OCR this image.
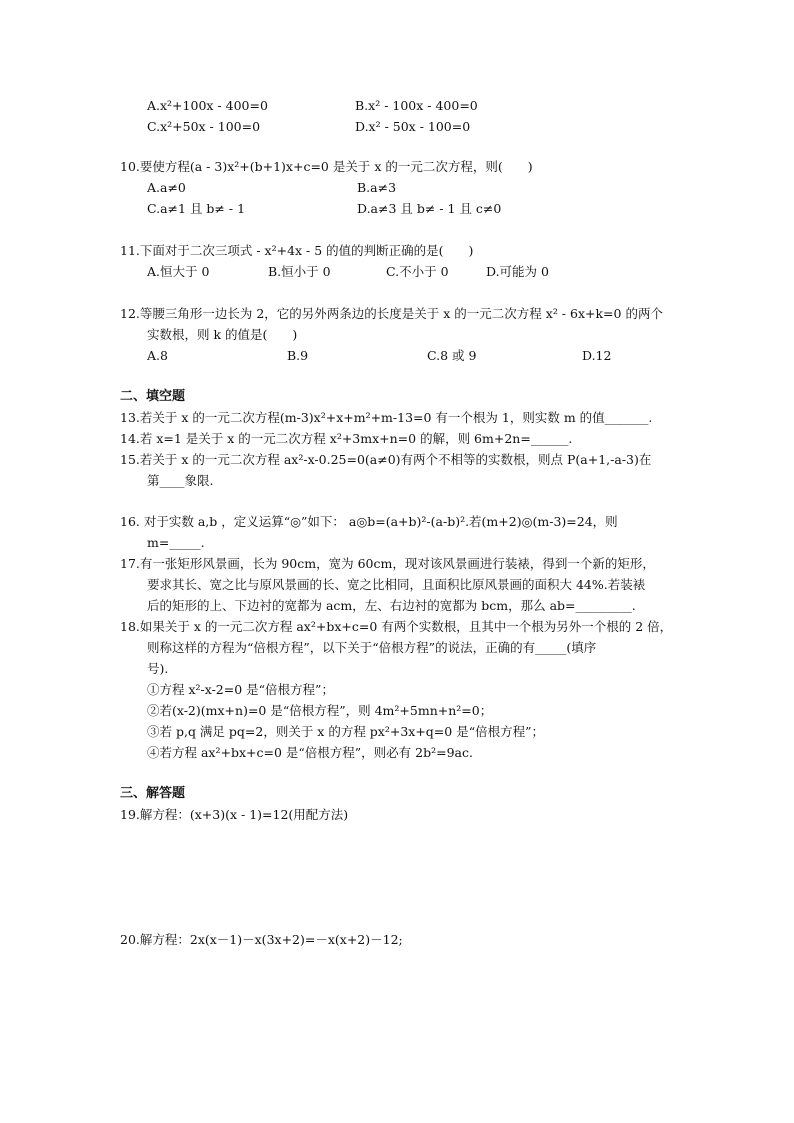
A.x²+100x - 400=0	B.x² - 100x - 400=0
C.x²+50x - 100=0	D.x² - 50x - 100=0
10.要使方程(a - 3)x²+(b+1)x+c=0 是关于 x 的一元二次方程，则(　　)
A.a≠0	B.a≠3
C.a≠1 且 b≠ - 1	D.a≠3 且 b≠ - 1 且 c≠0
11.下面对于二次三项式 - x²+4x - 5 的值的判断正确的是(　　)
A.恒大于 0	B.恒小于 0	C.不小于 0	D.可能为 0
12.等腰三角形一边长为 2，它的另外两条边的长度是关于 x 的一元二次方程 x² - 6x+k=0 的两个
实数根，则 k 的值是(　　)
A.8	B.9	C.8 或 9	D.12
二、填空题
13.若关于 x 的一元二次方程(m-3)x²+x+m²+m-13=0 有一个根为 1，则实数 m 的值_______.
14.若 x=1 是关于 x 的一元二次方程 x²+3mx+n=0 的解，则 6m+2n=______.
15.若关于 x 的一元二次方程 ax²-x-0.25=0(a≠0)有两个不相等的实数根，则点 P(a+1,-a-3)在
第____象限.
16. 对于实数 a,b ，定义运算“◎”如下： a◎b=(a+b)²-(a-b)².若(m+2)◎(m-3)=24，则
m=_____.
17.有一张矩形风景画，长为 90cm，宽为 60cm，现对该风景画进行装裱，得到一个新的矩形，
要求其长、宽之比与原风景画的长、宽之比相同，且面积比原风景画的面积大 44%.若装裱
后的矩形的上、下边衬的宽都为 acm，左、右边衬的宽都为 bcm，那么 ab=_________.
18.如果关于 x 的一元二次方程 ax²+bx+c=0 有两个实数根，且其中一个根为另外一个根的 2 倍，
则称这样的方程为“倍根方程”，以下关于“倍根方程”的说法，正确的有_____(填序
号).
①方程 x²-x-2=0 是“倍根方程”；
②若(x-2)(mx+n)=0 是“倍根方程”，则 4m²+5mn+n²=0；
③若 p,q 满足 pq=2，则关于 x 的方程 px²+3x+q=0 是“倍根方程”；
④若方程 ax²+bx+c=0 是“倍根方程”，则必有 2b²=9ac.
三、解答题
19.解方程：(x+3)(x - 1)=12(用配方法)
20.解方程：2x(x－1)－x(3x+2)=－x(x+2)－12;
